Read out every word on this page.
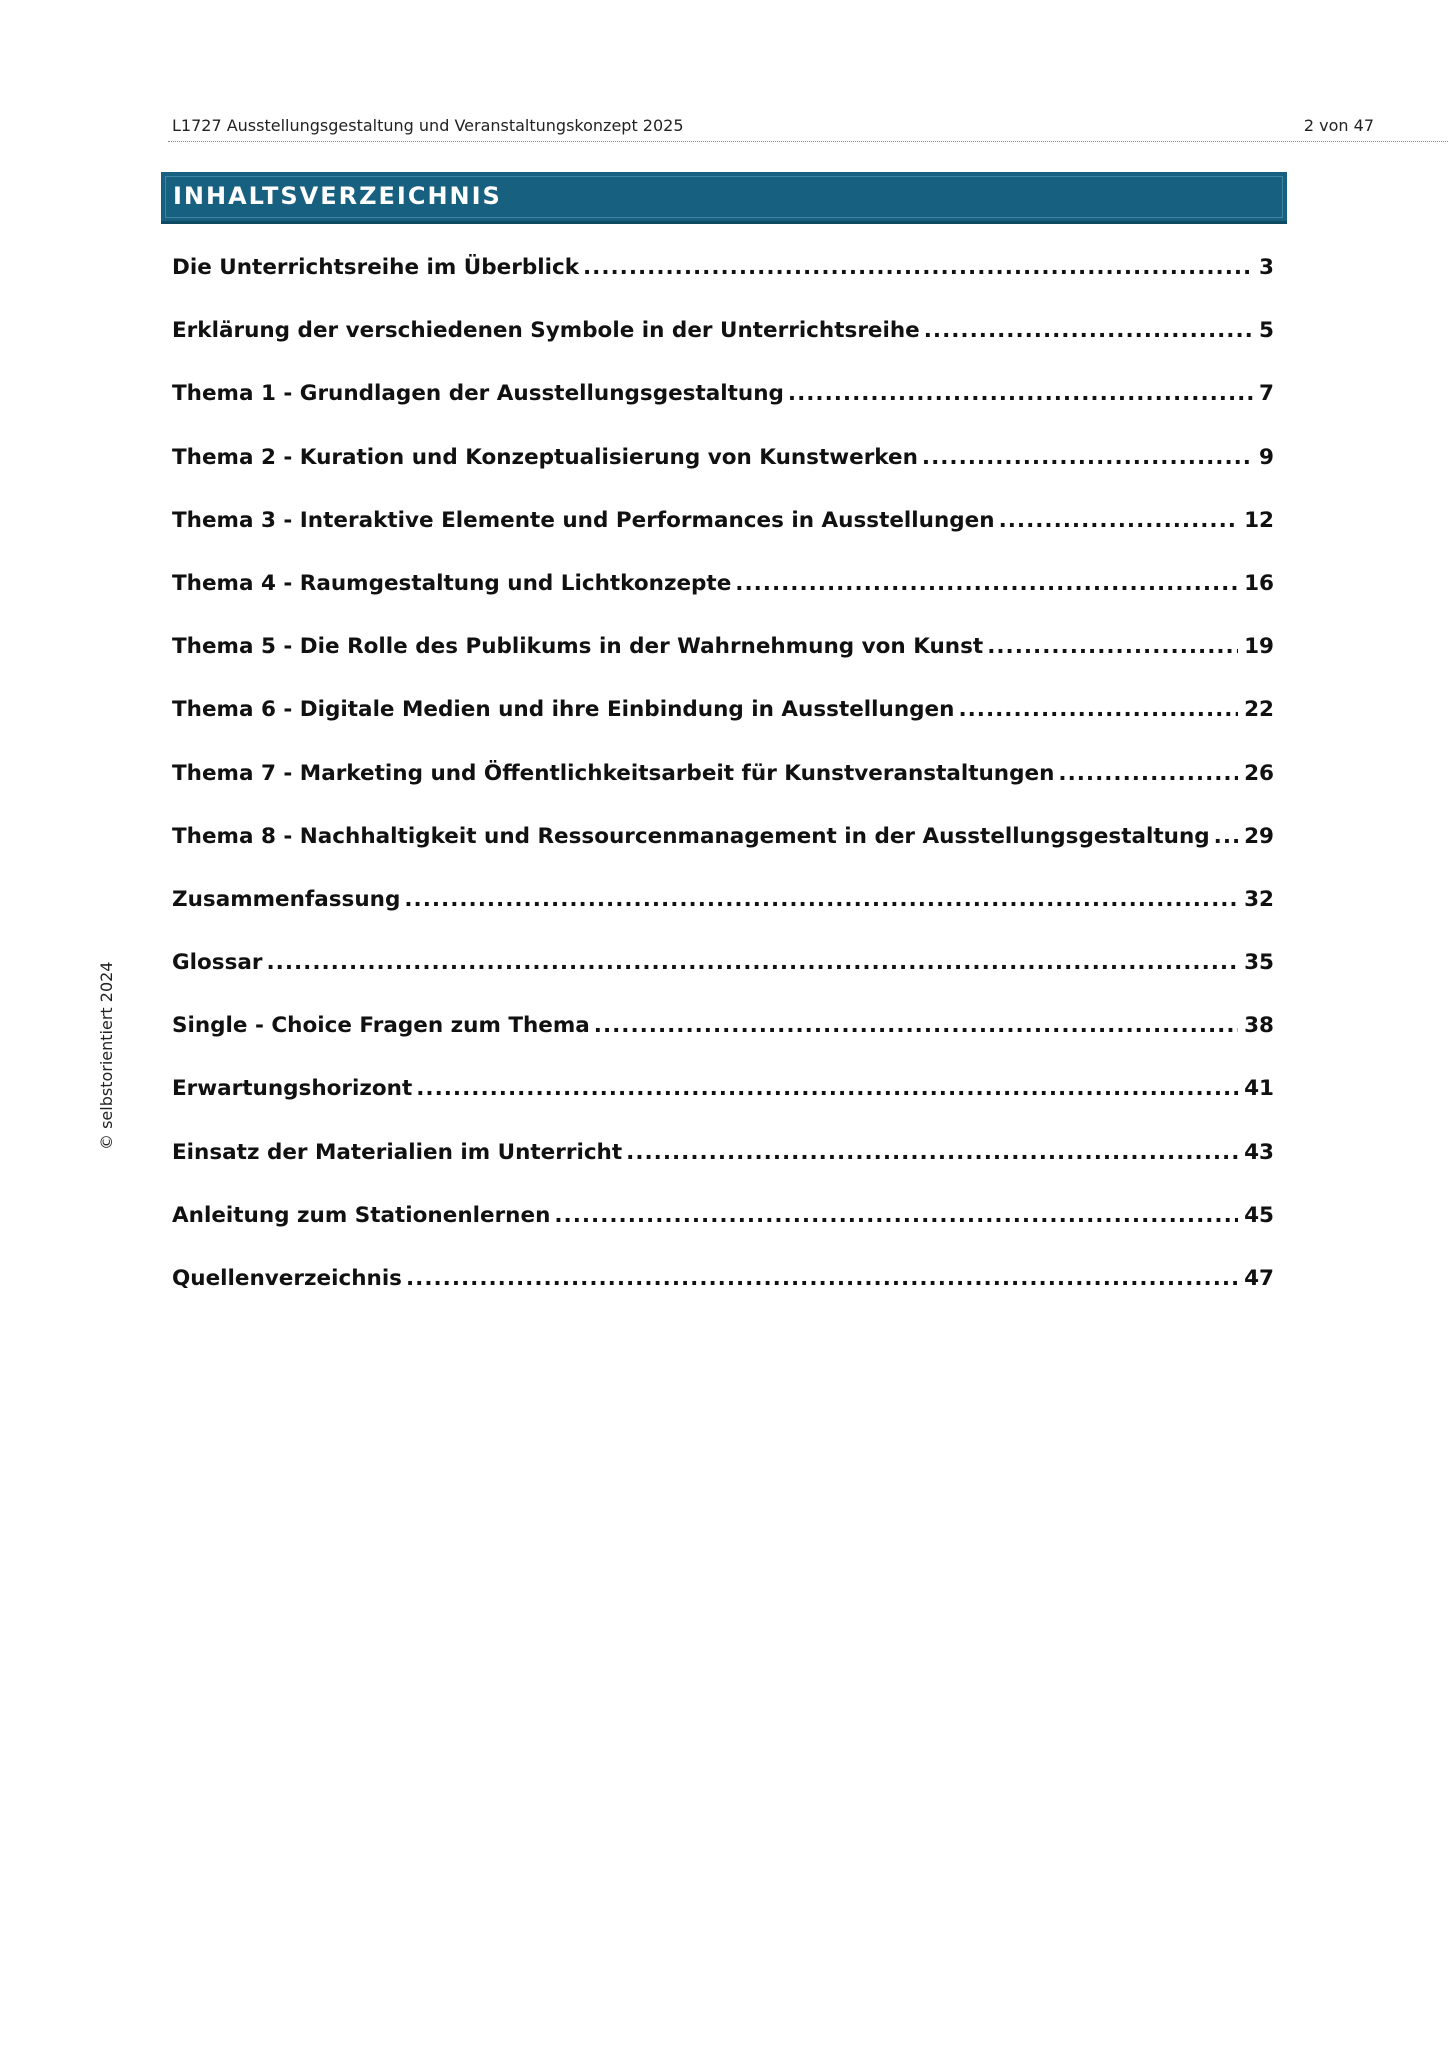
L1727 Ausstellungsgestaltung und Veranstaltungskonzept 2025	2 von 47
INHALTSVERZEICHNIS
Die Unterrichtsreihe im Überblick .....	3
Erklärung der verschiedenen Symbole in der Unterrichtsreihe .....	5
Thema 1 - Grundlagen der Ausstellungsgestaltung .....	7
Thema 2 - Kuration und Konzeptualisierung von Kunstwerken .....	9
Thema 3 - Interaktive Elemente und Performances in Ausstellungen .....	12
Thema 4 - Raumgestaltung und Lichtkonzepte .....	16
Thema 5 - Die Rolle des Publikums in der Wahrnehmung von Kunst .....	19
Thema 6 - Digitale Medien und ihre Einbindung in Ausstellungen .....	22
Thema 7 - Marketing und Öffentlichkeitsarbeit für Kunstveranstaltungen .....	26
Thema 8 - Nachhaltigkeit und Ressourcenmanagement in der Ausstellungsgestaltung ..... 29
Zusammenfassung .....	32
Glossar .....	35
Single - Choice Fragen zum Thema .....	38
Erwartungshorizont .....	41
Einsatz der Materialien im Unterricht .....	43
Anleitung zum Stationenlernen .....	45
Quellenverzeichnis .....	47
© selbstorientiert 2024
